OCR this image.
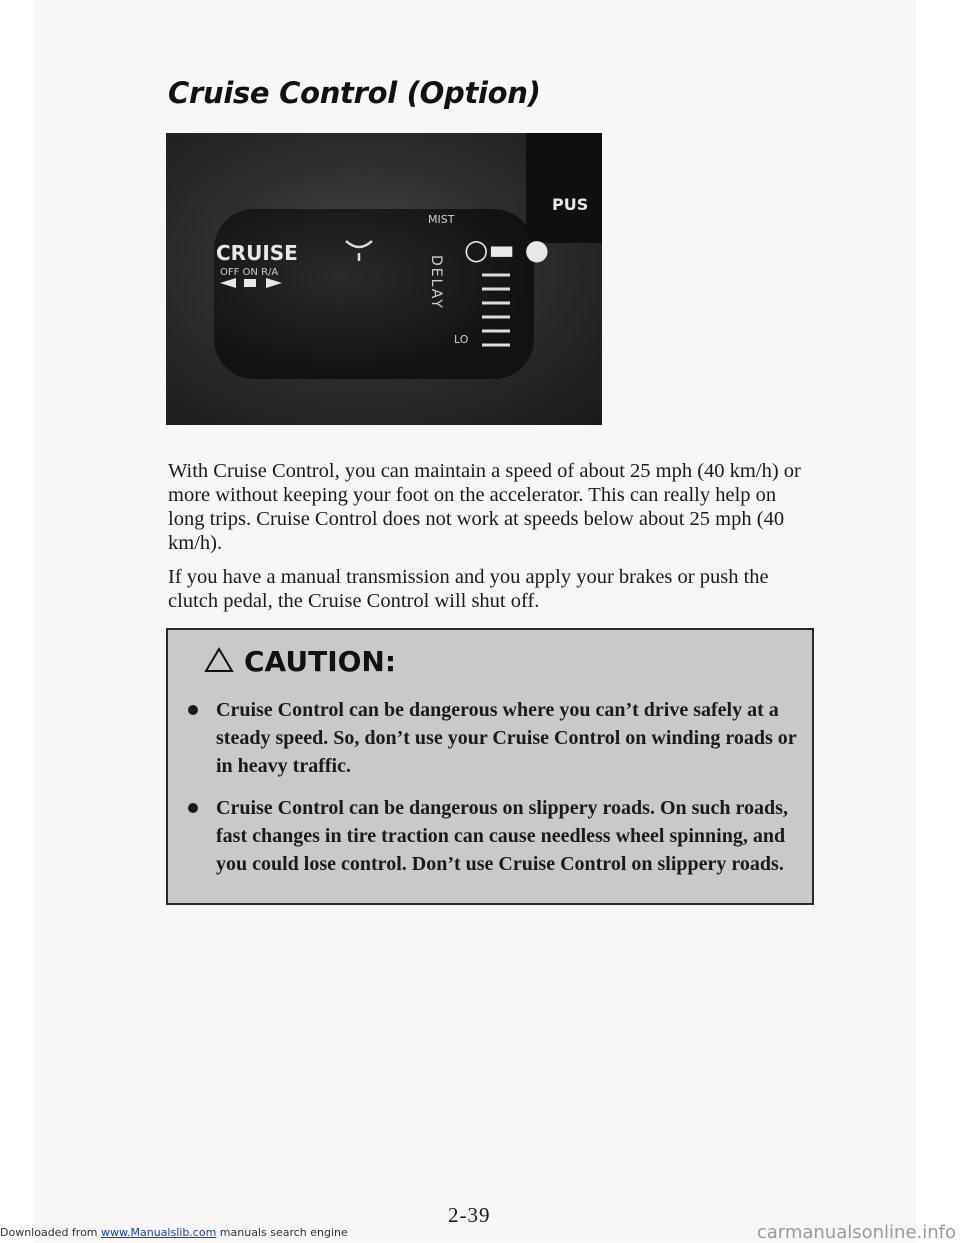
Cruise Control (Option)
CRUISE
OFF ON R/A
MIST
○▬ ●
DELAY
LO
PUS

With Cruise Control, you can maintain a speed of about 25 mph (40 km/h) or more without keeping your foot on the accelerator. This can really help on long trips. Cruise Control does not work at speeds below about 25 mph (40 km/h).

If you have a manual transmission and you apply your brakes or push the clutch pedal, the Cruise Control will shut off.

CAUTION:
Cruise Control can be dangerous where you can’t drive safely at a steady speed. So, don’t use your Cruise Control on winding roads or in heavy traffic.
Cruise Control can be dangerous on slippery roads. On such roads, fast changes in tire traction can cause needless wheel spinning, and you could lose control. Don’t use Cruise Control on slippery roads.

2-39

Downloaded from www.Manualslib.com manuals search engine	carmanualsonline.info
